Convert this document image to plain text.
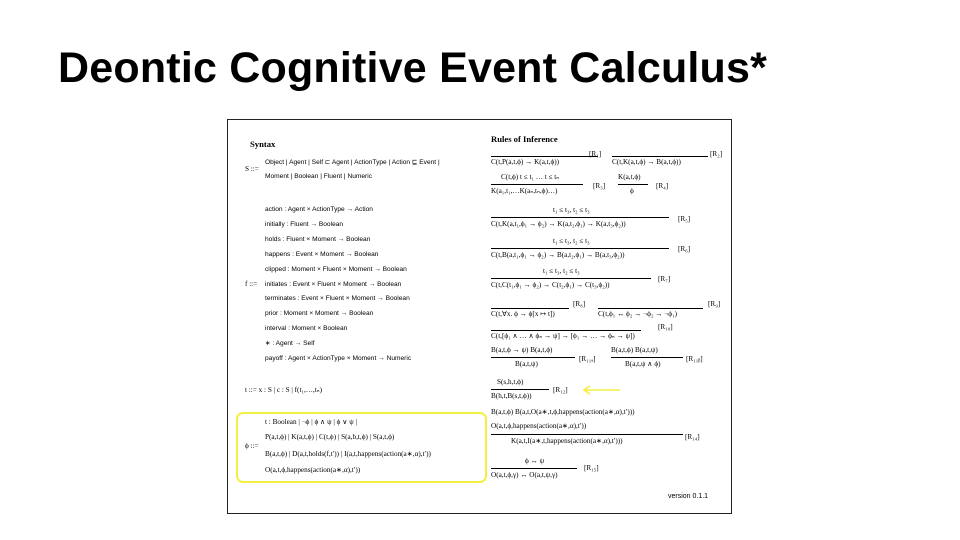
Deontic Cognitive Event Calculus*
Syntax
S ::=
Object | Agent | Self ⊏ Agent | ActionType | Action ⊑ Event |
Moment | Boolean | Fluent | Numeric
f ::=
action : Agent × ActionType → Action
initially : Fluent → Boolean
holds : Fluent × Moment → Boolean
happens : Event × Moment → Boolean
clipped : Moment × Fluent × Moment → Boolean
initiates : Event × Fluent × Moment → Boolean
terminates : Event × Fluent × Moment → Boolean
prior : Moment × Moment → Boolean
interval : Moment × Boolean
∗ : Agent → Self
payoff : Agent × ActionType × Moment → Numeric
t ::= x : S | c : S | f(t₁,…,tₙ)
ϕ ::=
t : Boolean | ¬ϕ | ϕ ∧ ψ | ϕ ∨ ψ |
P(a,t,ϕ) | K(a,t,ϕ) | C(t,ϕ) | S(a,b,t,ϕ) | S(a,t,ϕ)
B(a,t,ϕ) | D(a,t,holds(f,t′)) | I(a,t,happens(action(a∗,α),t′))
O(a,t,ϕ,happens(action(a∗,α),t′))
Rules of Inference
C(t,P(a,t,ϕ) → K(a,t,ϕ))
[R₁]
C(t,K(a,t,ϕ) → B(a,t,ϕ))
[R₂]
C(t,ϕ) t ≤ t₁ … t ≤ tₙ
K(a₁,t₁,…K(aₙ,tₙ,ϕ)…)
[R₃]
K(a,t,ϕ)
ϕ
[R₄]
t₁ ≤ t₃, t₂ ≤ t₃
C(t,K(a,t₁,ϕ₁ → ϕ₂) → K(a,t₂,ϕ₁) → K(a,t₃,ϕ₂))
[R₅]
t₁ ≤ t₃, t₂ ≤ t₃
C(t,B(a,t₁,ϕ₁ → ϕ₂) → B(a,t₂,ϕ₁) → B(a,t₃,ϕ₂))
[R₆]
t₁ ≤ t₃, t₂ ≤ t₃
C(t,C(t₁,ϕ₁ → ϕ₂) → C(t₂,ϕ₁) → C(t₃,ϕ₂))
[R₇]
C(t,∀x. ϕ → ϕ[x ↦ t])
[R₈]
C(t,ϕ₁ ↔ ϕ₂ → ¬ϕ₂ → ¬ϕ₁)
[R₉]
C(t,[ϕ₁ ∧ … ∧ ϕₙ → ψ] → [ϕ₁ → … → ϕₙ → ψ])
[R₁₀]
B(a,t,ϕ → ψ) B(a,t,ϕ)
B(a,t,ψ)
[R₁₁ₐ]
B(a,t,ϕ) B(a,t,ψ)
B(a,t,ψ ∧ ϕ)
[R₁₁ᵦ]
S(s,h,t,ϕ)
B(h,t,B(s,t,ϕ))
[R₁₂]
B(a,t,ϕ) B(a,t,O(a∗,t,ϕ,happens(action(a∗,α),t′)))
O(a,t,ϕ,happens(action(a∗,α),t′))
K(a,t,I(a∗,t,happens(action(a∗,α),t′)))	[R₁₄]
ϕ ↔ ψ
O(a,t,ϕ,γ) ↔ O(a,t,ψ,γ)
[R₁₅]
version 0.1.1
